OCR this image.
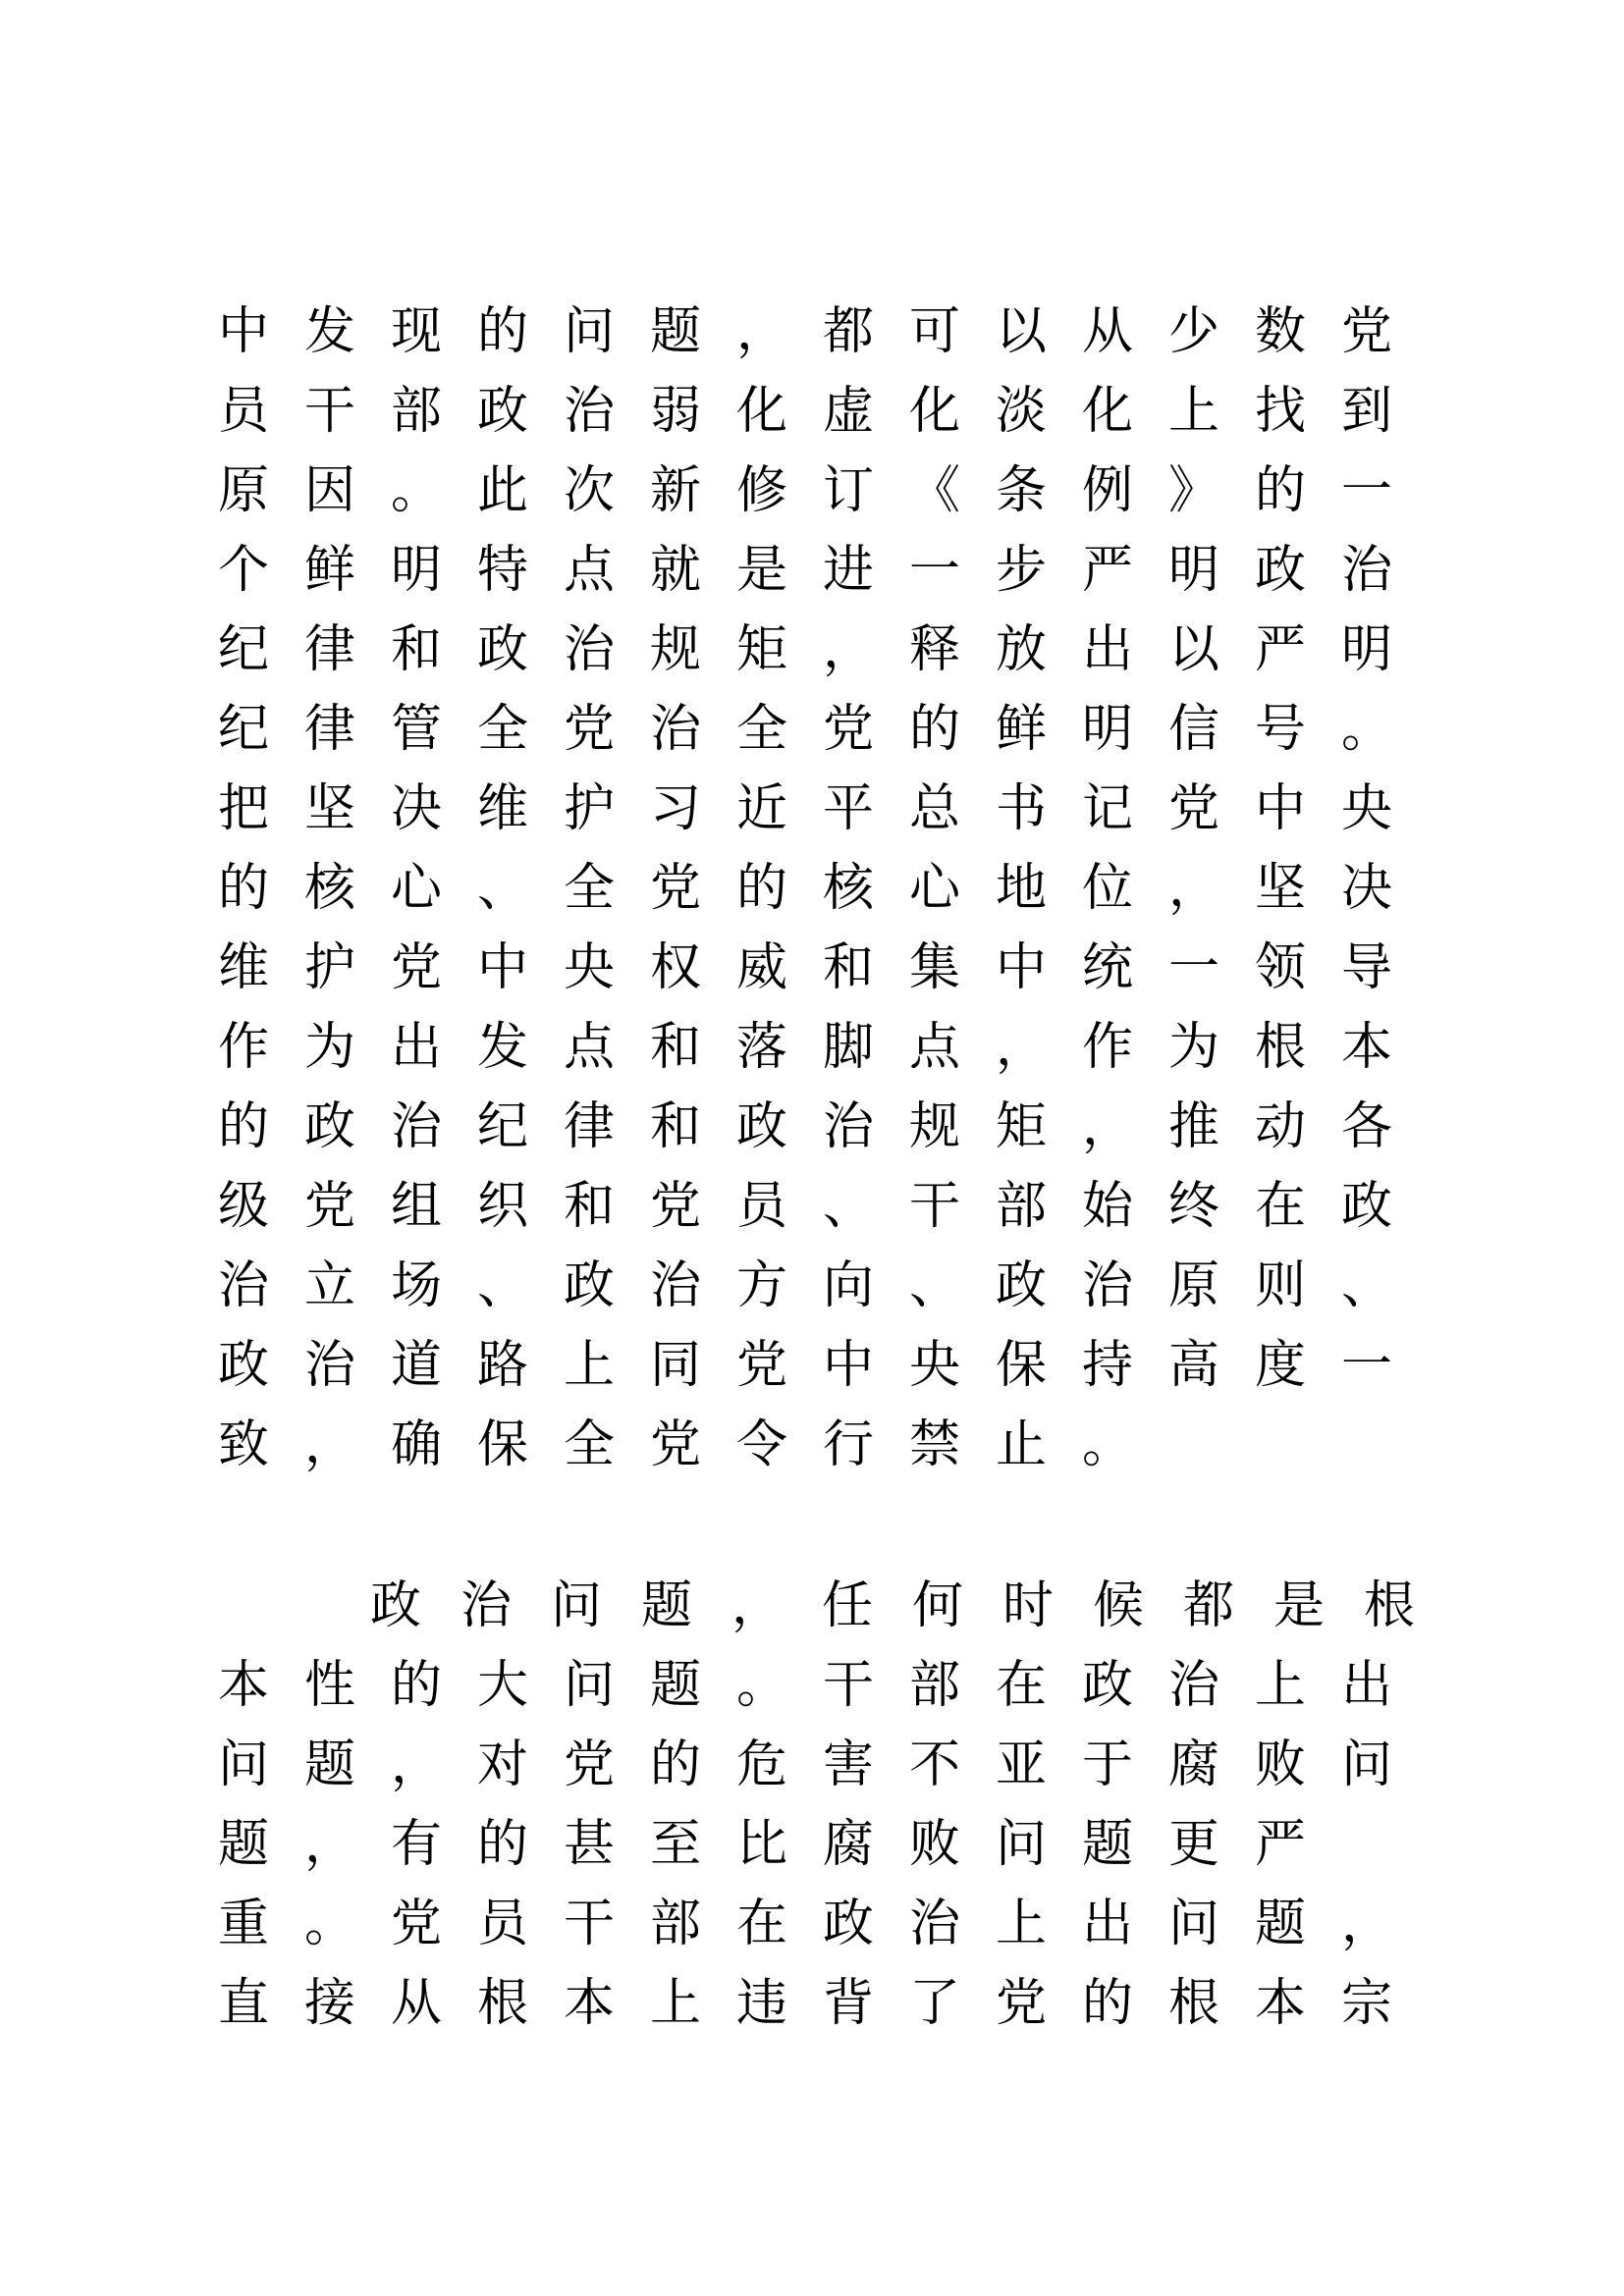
中发现的问题，都可以从少数党
员干部政治弱化虚化淡化上找到
原因。此次新修订《条例》的一
个鲜明特点就是进一步严明政治
纪律和政治规矩，释放出以严明
纪律管全党治全党的鲜明信号。
把坚决维护习近平总书记党中央
的核心、全党的核心地位，坚决
维护党中央权威和集中统一领导
作为出发点和落脚点，作为根本
的政治纪律和政治规矩，推动各
级党组织和党员、干部始终在政
治立场、政治方向、政治原则、
政治道路上同党中央保持高度一
致，确保全党令行禁止。
政治问题，任何时候都是根
本性的大问题。干部在政治上出
问题，对党的危害不亚于腐败问
题，有的甚至比腐败问题更严
重。党员干部在政治上出问题，
直接从根本上违背了党的根本宗
